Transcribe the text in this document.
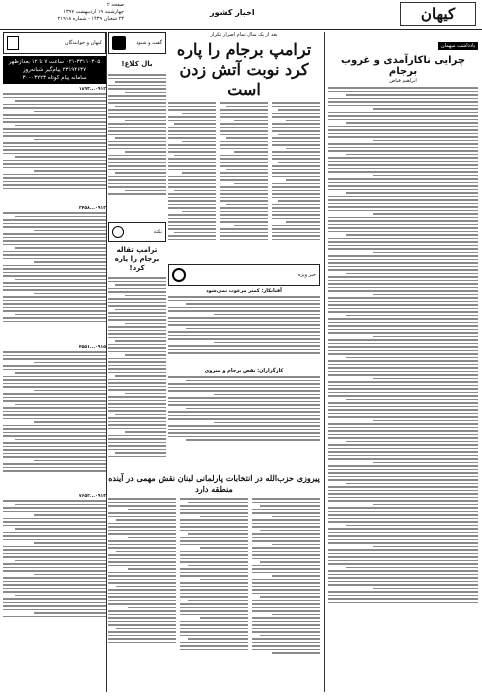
کیهان
اخبار کشور
صفحه ۲
چهارشنبه ۱۹ اردیبهشت ۱۳۹۷
۲۳ شعبان ۱۴۳۹ - شماره ۲۱۹۱۸
یادداشت میهمان
چرایی ناکارآمدی و غروب برجام
ابراهیم فیاض
بعد از یک سال تمام اصرار تکرار
ترامپ برجام را پاره کرد نوبت آتش زدن است
خبر ویژه
آفتابکار: کمتر مرعوب نمی‌شود
کارگزاران: نقض برجام و منزوی
گفت و شنود
بال کلاغ!
نکته
ترامپ تقاله برجام را پاره کرد!
کیهان و خوانندگان
۰۲۱-۳۳۱۱۰۳۰۵ ساعت ۷ تا ۱۲ بعدازظهر
۲۳۱۹۴۶۳۷ پیام‌گیر شبانه‌روز
سامانه پیام کوتاه ۳۰۰۰۳۲۲۳
۰۹۱۲...۱۸۹۳
۰۹۱۲...۲۴۵۸
۰۹۱۵...۴۵۵۱
۰۹۱۳...۷۶۵۲
پیروزی حزب‌الله در انتخابات پارلمانی لبنان نقش مهمی در آینده منطقه دارد
